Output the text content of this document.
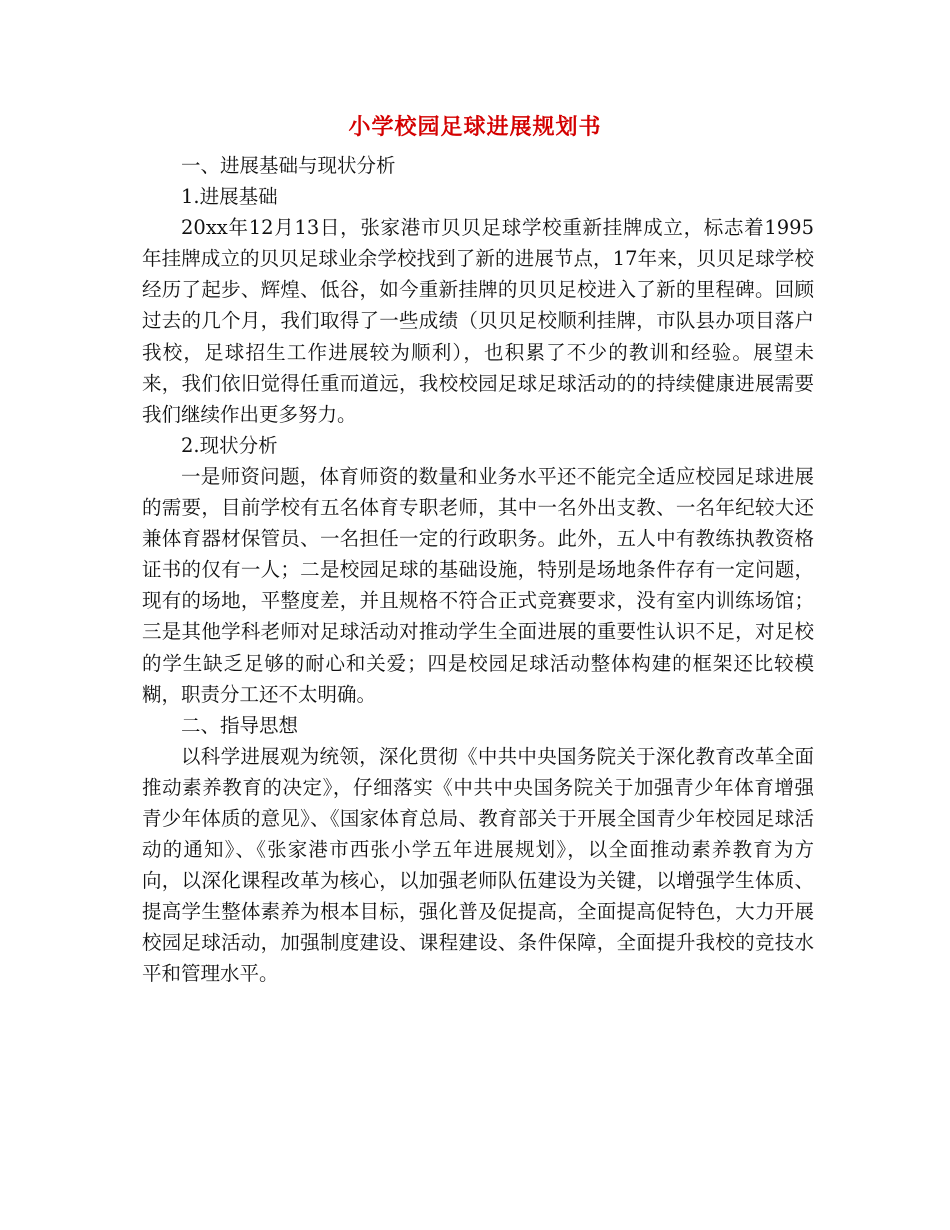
小学校园足球进展规划书

一、进展基础与现状分析

1.进展基础

20xx年12月13日，张家港市贝贝足球学校重新挂牌成立，标志着1995年挂牌成立的贝贝足球业余学校找到了新的进展节点，17年来，贝贝足球学校经历了起步、辉煌、低谷，如今重新挂牌的贝贝足校进入了新的里程碑。回顾过去的几个月，我们取得了一些成绩（贝贝足校顺利挂牌，市队县办项目落户我校，足球招生工作进展较为顺利），也积累了不少的教训和经验。展望未来，我们依旧觉得任重而道远，我校校园足球足球活动的的持续健康进展需要我们继续作出更多努力。

2.现状分析

一是师资问题，体育师资的数量和业务水平还不能完全适应校园足球进展的需要，目前学校有五名体育专职老师，其中一名外出支教、一名年纪较大还兼体育器材保管员、一名担任一定的行政职务。此外，五人中有教练执教资格证书的仅有一人；二是校园足球的基础设施，特别是场地条件存有一定问题，现有的场地，平整度差，并且规格不符合正式竞赛要求，没有室内训练场馆；三是其他学科老师对足球活动对推动学生全面进展的重要性认识不足，对足校的学生缺乏足够的耐心和关爱；四是校园足球活动整体构建的框架还比较模糊，职责分工还不太明确。

二、指导思想

以科学进展观为统领，深化贯彻《中共中央国务院关于深化教育改革全面推动素养教育的决定》，仔细落实《中共中央国务院关于加强青少年体育增强青少年体质的意见》、《国家体育总局、教育部关于开展全国青少年校园足球活动的通知》、《张家港市西张小学五年进展规划》，以全面推动素养教育为方向，以深化课程改革为核心，以加强老师队伍建设为关键，以增强学生体质、提高学生整体素养为根本目标，强化普及促提高，全面提高促特色，大力开展校园足球活动，加强制度建设、课程建设、条件保障，全面提升我校的竞技水平和管理水平。
